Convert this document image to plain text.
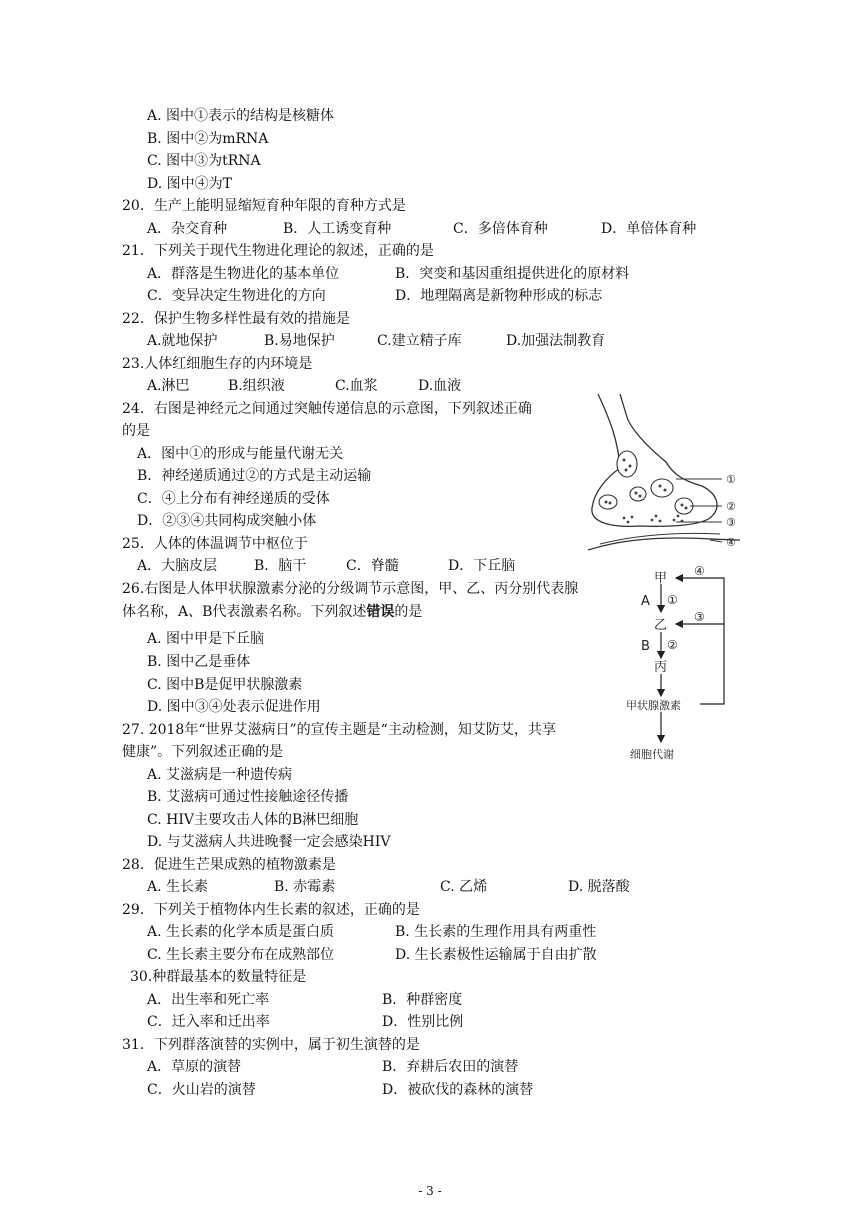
A. 图中①表示的结构是核糖体
B. 图中②为mRNA
C. 图中③为tRNA
D. 图中④为T
20．生产上能明显缩短育种年限的育种方式是
A．杂交育种	B．人工诱变育种	C．多倍体育种	D．单倍体育种
21．下列关于现代生物进化理论的叙述，正确的是
A．群落是生物进化的基本单位	B．突变和基因重组提供进化的原材料
C．变异决定生物进化的方向	D．地理隔离是新物种形成的标志
22．保护生物多样性最有效的措施是
A.就地保护	B.易地保护	C.建立精子库	D.加强法制教育
23.人体红细胞生存的内环境是
A.淋巴	B.组织液	C.血浆	D.血液
24．右图是神经元之间通过突触传递信息的示意图，下列叙述正确
的是
A．图中①的形成与能量代谢无关
B．神经递质通过②的方式是主动运输
C．④上分布有神经递质的受体
D．②③④共同构成突触小体
①
②
③
④
25．人体的体温调节中枢位于
A．大脑皮层	B．脑干	C．脊髓	D．下丘脑
26.右图是人体甲状腺激素分泌的分级调节示意图，甲、乙、丙分别代表腺
体名称，A、B代表激素名称。下列叙述错误的是
A. 图中甲是下丘脑
B. 图中乙是垂体
C. 图中B是促甲状腺激素
D. 图中③④处表示促进作用
甲
乙
丙
A
B
①
②
③
④
甲状腺激素
细胞代谢
27. 2018年“世界艾滋病日”的宣传主题是“主动检测，知艾防艾，共享
健康”。下列叙述正确的是
A. 艾滋病是一种遗传病
B. 艾滋病可通过性接触途径传播
C. HIV主要攻击人体的B淋巴细胞
D. 与艾滋病人共进晚餐一定会感染HIV
28．促进生芒果成熟的植物激素是
A. 生长素	B. 赤霉素	C. 乙烯	D. 脱落酸
29．下列关于植物体内生长素的叙述，正确的是
A. 生长素的化学本质是蛋白质	B. 生长素的生理作用具有两重性
C. 生长素主要分布在成熟部位	D. 生长素极性运输属于自由扩散
30.种群最基本的数量特征是
A．出生率和死亡率	B．种群密度
C．迁入率和迁出率	D．性别比例
31．下列群落演替的实例中，属于初生演替的是
A．草原的演替	B．弃耕后农田的演替
C．火山岩的演替	D．被砍伐的森林的演替
- 3 -
